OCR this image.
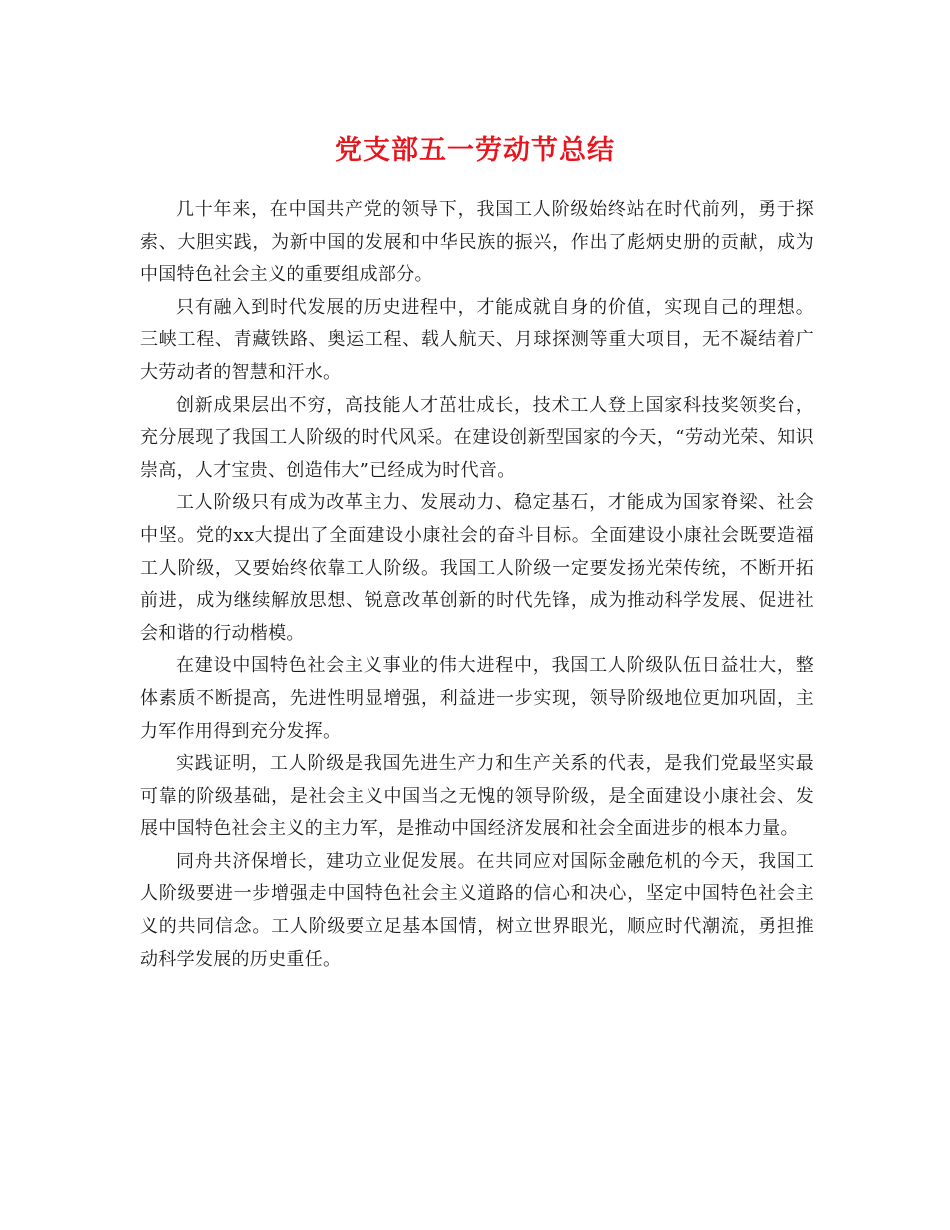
党支部五一劳动节总结

几十年来，在中国共产党的领导下，我国工人阶级始终站在时代前列，勇于探索、大胆实践，为新中国的发展和中华民族的振兴，作出了彪炳史册的贡献，成为中国特色社会主义的重要组成部分。

只有融入到时代发展的历史进程中，才能成就自身的价值，实现自己的理想。三峡工程、青藏铁路、奥运工程、载人航天、月球探测等重大项目，无不凝结着广大劳动者的智慧和汗水。

创新成果层出不穷，高技能人才茁壮成长，技术工人登上国家科技奖领奖台，充分展现了我国工人阶级的时代风采。在建设创新型国家的今天，“劳动光荣、知识崇高，人才宝贵、创造伟大”已经成为时代音。

工人阶级只有成为改革主力、发展动力、稳定基石，才能成为国家脊梁、社会中坚。党的xx大提出了全面建设小康社会的奋斗目标。全面建设小康社会既要造福工人阶级，又要始终依靠工人阶级。我国工人阶级一定要发扬光荣传统，不断开拓前进，成为继续解放思想、锐意改革创新的时代先锋，成为推动科学发展、促进社会和谐的行动楷模。

在建设中国特色社会主义事业的伟大进程中，我国工人阶级队伍日益壮大，整体素质不断提高，先进性明显增强，利益进一步实现，领导阶级地位更加巩固，主力军作用得到充分发挥。

实践证明，工人阶级是我国先进生产力和生产关系的代表，是我们党最坚实最可靠的阶级基础，是社会主义中国当之无愧的领导阶级，是全面建设小康社会、发展中国特色社会主义的主力军，是推动中国经济发展和社会全面进步的根本力量。

同舟共济保增长，建功立业促发展。在共同应对国际金融危机的今天，我国工人阶级要进一步增强走中国特色社会主义道路的信心和决心，坚定中国特色社会主义的共同信念。工人阶级要立足基本国情，树立世界眼光，顺应时代潮流，勇担推动科学发展的历史重任。
